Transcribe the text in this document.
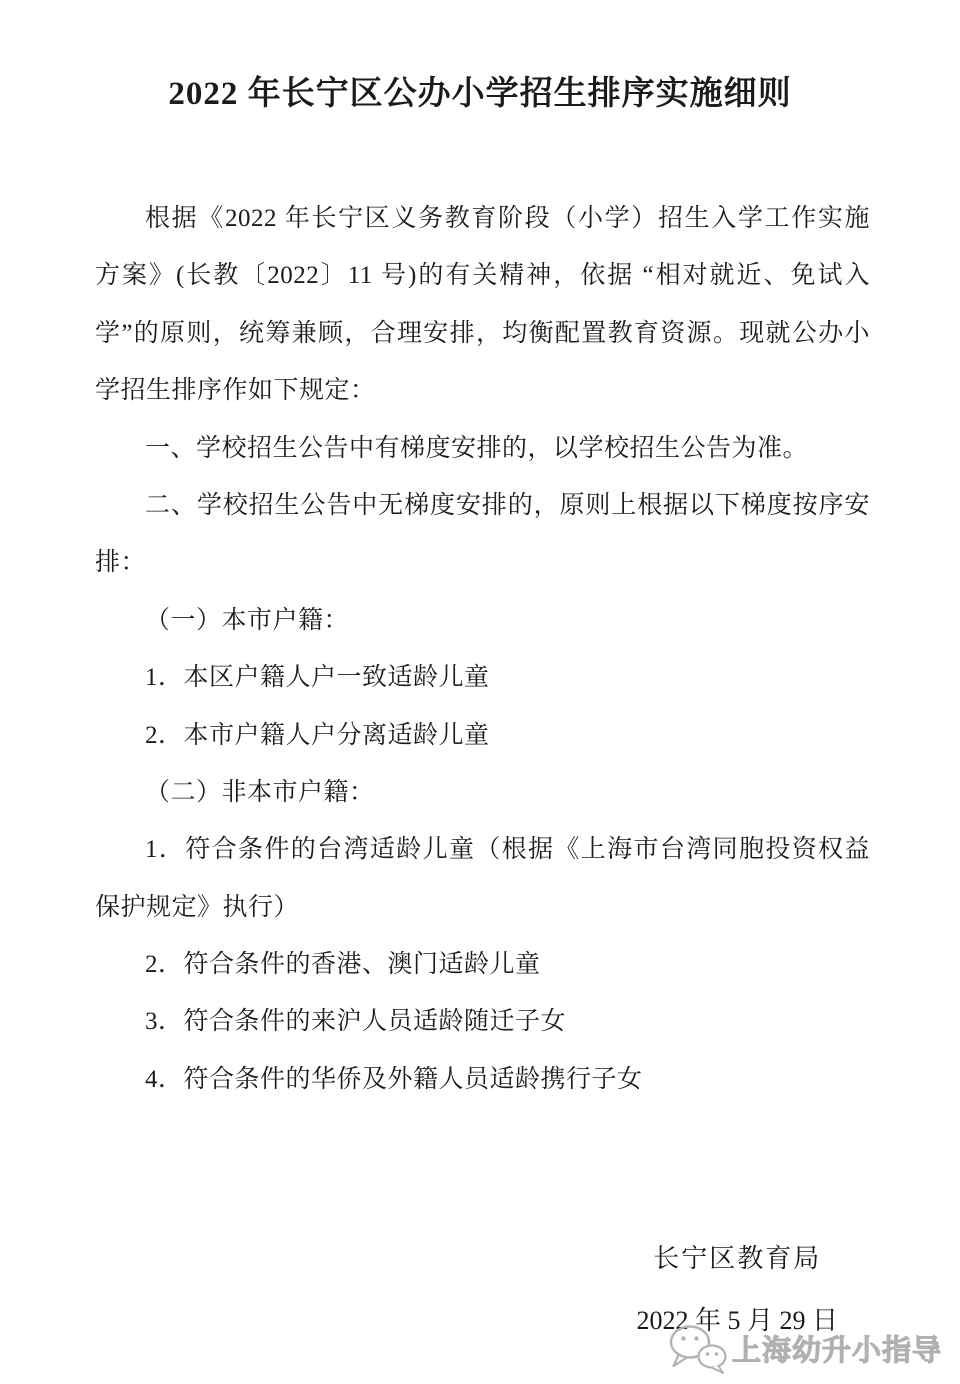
2022 年长宁区公办小学招生排序实施细则
根据《2022 年长宁区义务教育阶段（小学）招生入学工作实施
方案》(长教〔2022〕11 号)的有关精神，依据 “相对就近、免试入
学”的原则，统筹兼顾，合理安排，均衡配置教育资源。现就公办小
学招生排序作如下规定：
一、学校招生公告中有梯度安排的，以学校招生公告为准。
二、学校招生公告中无梯度安排的，原则上根据以下梯度按序安
排：
（一）本市户籍：
1．本区户籍人户一致适龄儿童
2．本市户籍人户分离适龄儿童
（二）非本市户籍：
1．符合条件的台湾适龄儿童（根据《上海市台湾同胞投资权益
保护规定》执行）
2．符合条件的香港、澳门适龄儿童
3．符合条件的来沪人员适龄随迁子女
4．符合条件的华侨及外籍人员适龄携行子女
长宁区教育局
2022 年 5 月 29 日
上海幼升小指导
